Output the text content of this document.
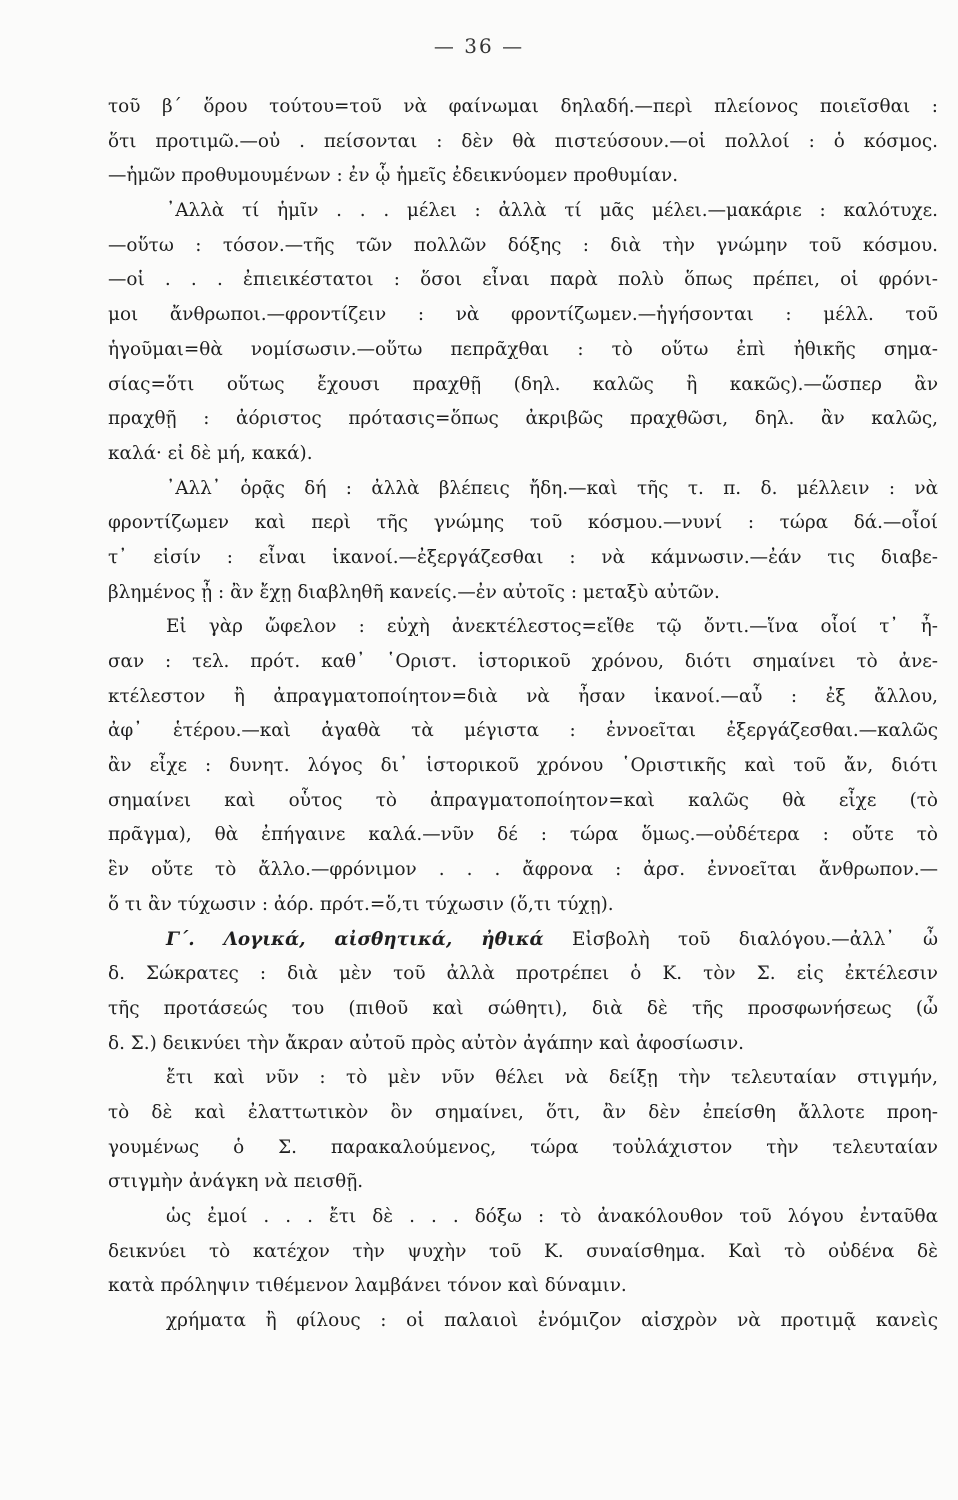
— 36 —
τοῦ β΄ ὅρου τούτου=τοῦ νὰ φαίνωμαι δηλαδή.—περὶ πλείονος ποιεῖσθαι :
ὅτι προτιμῶ.—οὐ . πείσονται : δὲν θὰ πιστεύσουν.—οἱ πολλοί : ὁ κόσμος.
—ἡμῶν προθυμουμένων : ἐν ᾧ ἡμεῖς ἐδεικνύομεν προθυμίαν.
᾽Αλλὰ τί ἡμῖν . . . μέλει : ἀλλὰ τί μᾶς μέλει.—μακάριε : καλότυχε.
—οὕτω : τόσον.—τῆς τῶν πολλῶν δόξης : διὰ τὴν γνώμην τοῦ κόσμου.
—οἱ . . . ἐπιεικέστατοι : ὅσοι εἶναι παρὰ πολὺ ὅπως πρέπει, οἱ φρόνι-
μοι ἄνθρωποι.—φροντίζειν : νὰ φροντίζωμεν.—ἡγήσονται : μέλλ. τοῦ
ἡγοῦμαι=θὰ νομίσωσιν.—οὕτω πεπρᾶχθαι : τὸ οὕτω ἐπὶ ἠθικῆς σημα-
σίας=ὅτι οὕτως ἔχουσι πραχθῇ (δηλ. καλῶς ἢ κακῶς).—ὥσπερ ἂν
πραχθῇ : ἀόριστος πρότασις=ὅπως ἀκριβῶς πραχθῶσι, δηλ. ἂν καλῶς,
καλά· εἰ δὲ μή, κακά).
᾽Αλλ᾽ ὁρᾷς δή : ἀλλὰ βλέπεις ἤδη.—καὶ τῆς τ. π. δ. μέλλειν : νὰ
φροντίζωμεν καὶ περὶ τῆς γνώμης τοῦ κόσμου.—νυνί : τώρα δά.—οἷοί
τ᾽ εἰσίν : εἶναι ἱκανοί.—ἐξεργάζεσθαι : νὰ κάμνωσιν.—ἐάν τις διαβε-
βλημένος ᾖ : ἂν ἔχῃ διαβληθῆ κανείς.—ἐν αὐτοῖς : μεταξὺ αὐτῶν.
Εἰ γὰρ ὤφελον : εὐχὴ ἀνεκτέλεστος=εἴθε τῷ ὄντι.—ἵνα οἷοί τ᾽ ἦ-
σαν : τελ. πρότ. καθ᾽ ῾Οριστ. ἱστορικοῦ χρόνου, διότι σημαίνει τὸ ἀνε-
κτέλεστον ἢ ἀπραγματοποίητον=διὰ νὰ ἦσαν ἱκανοί.—αὖ : ἐξ ἄλλου,
ἀφ᾽ ἑτέρου.—καὶ ἀγαθὰ τὰ μέγιστα : ἐννοεῖται ἐξεργάζεσθαι.—καλῶς
ἂν εἶχε : δυνητ. λόγος δι᾽ ἱστορικοῦ χρόνου ῾Οριστικῆς καὶ τοῦ ἄν, διότι
σημαίνει καὶ οὗτος τὸ ἀπραγματοποίητον=καὶ καλῶς θὰ εἶχε (τὸ
πρᾶγμα), θὰ ἐπήγαινε καλά.—νῦν δέ : τώρα ὅμως.—οὐδέτερα : οὔτε τὸ
ἓν οὔτε τὸ ἄλλο.—φρόνιμον . . . ἄφρονα : ἀρσ. ἐννοεῖται ἄνθρωπον.—
ὅ τι ἂν τύχωσιν : ἀόρ. πρότ.=ὅ,τι τύχωσιν (ὅ,τι τύχῃ).
Γ΄. Λογικά, αἰσθητικά, ἠθικά Εἰσβολὴ τοῦ διαλόγου.—ἀλλ᾽ ὦ
δ. Σώκρατες : διὰ μὲν τοῦ ἀλλὰ προτρέπει ὁ Κ. τὸν Σ. εἰς ἐκτέλεσιν
τῆς προτάσεώς του (πιθοῦ καὶ σώθητι), διὰ δὲ τῆς προσφωνήσεως (ὦ
δ. Σ.) δεικνύει τὴν ἄκραν αὐτοῦ πρὸς αὐτὸν ἀγάπην καὶ ἀφοσίωσιν.
ἔτι καὶ νῦν : τὸ μὲν νῦν θέλει νὰ δείξῃ τὴν τελευταίαν στιγμήν,
τὸ δὲ καὶ ἐλαττωτικὸν ὂν σημαίνει, ὅτι, ἂν δὲν ἐπείσθη ἄλλοτε προη-
γουμένως ὁ Σ. παρακαλούμενος, τώρα τοὐλάχιστον τὴν τελευταίαν
στιγμὴν ἀνάγκη νὰ πεισθῇ.
ὡς ἐμοί . . . ἔτι δὲ . . . δόξω : τὸ ἀνακόλουθον τοῦ λόγου ἐνταῦθα
δεικνύει τὸ κατέχον τὴν ψυχὴν τοῦ Κ. συναίσθημα. Καὶ τὸ οὐδένα δὲ
κατὰ πρόληψιν τιθέμενον λαμβάνει τόνον καὶ δύναμιν.
χρήματα ἢ φίλους : οἱ παλαιοὶ ἐνόμιζον αἰσχρὸν νὰ προτιμᾷ κανεὶς
